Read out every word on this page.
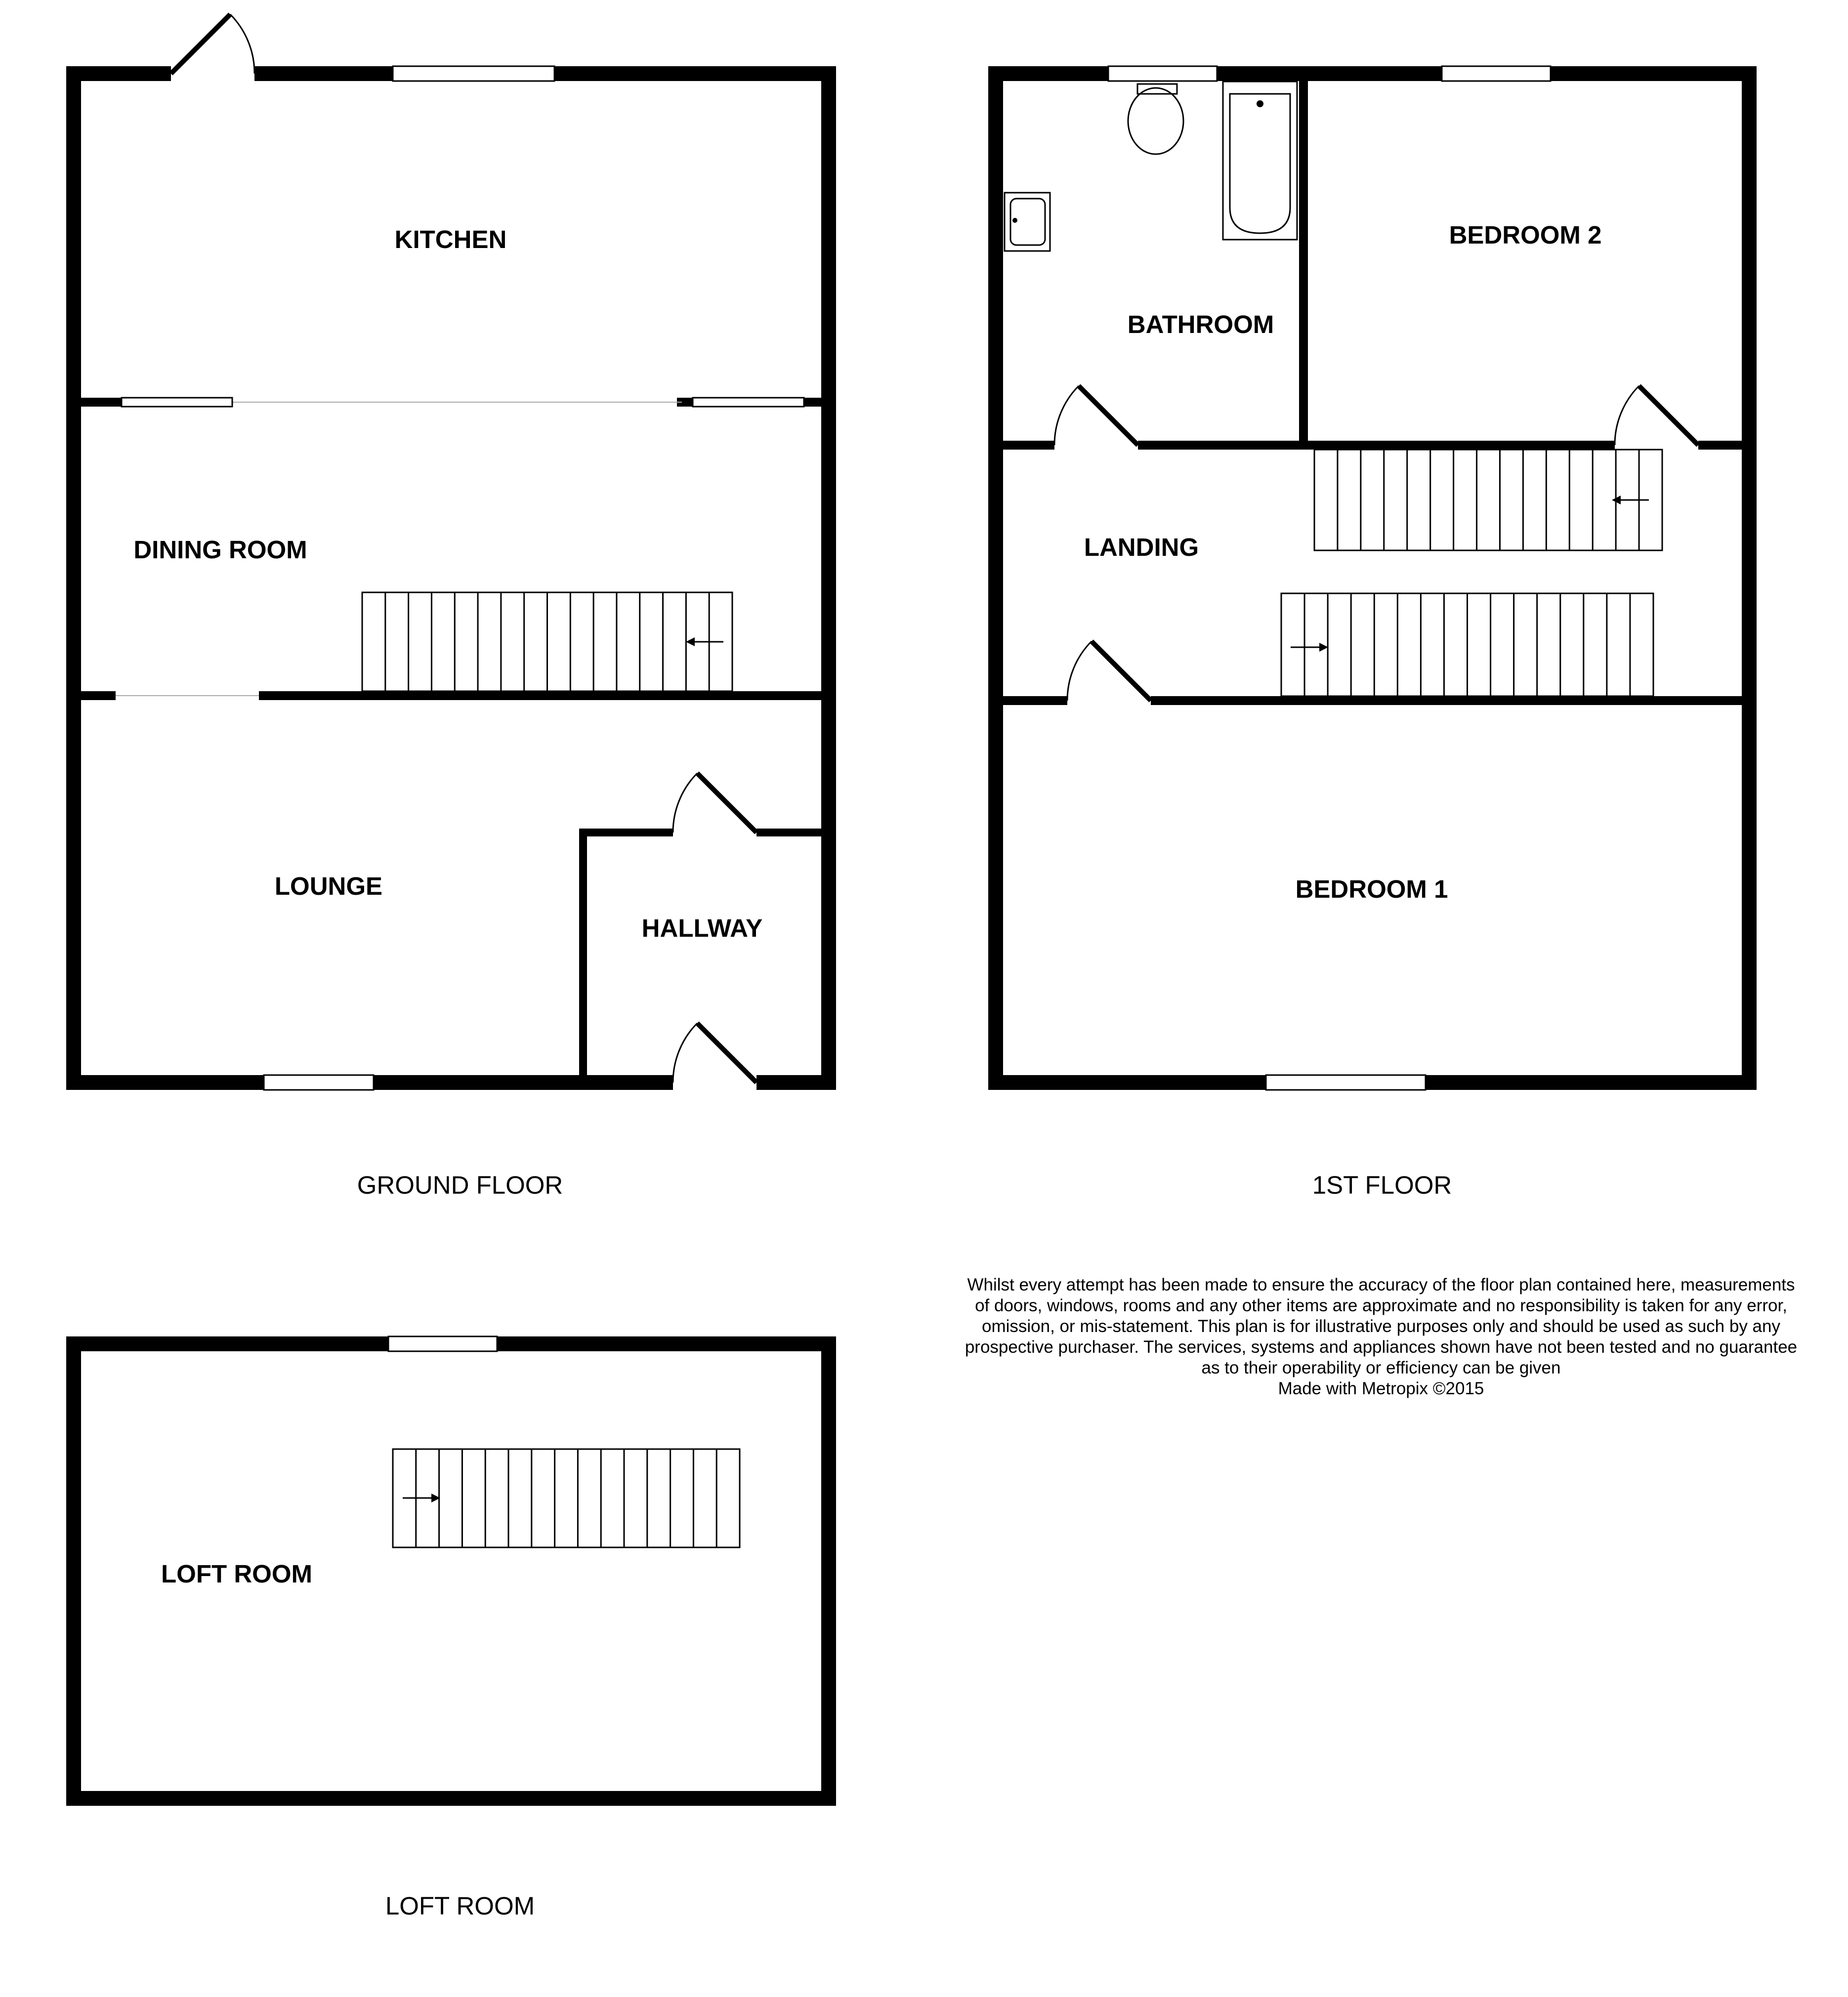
KITCHEN
DINING ROOM
LOUNGE
HALLWAY
GROUND FLOOR
BATHROOM
BEDROOM 2
LANDING
BEDROOM 1
1ST FLOOR
LOFT ROOM
LOFT ROOM
Whilst every attempt has been made to ensure the accuracy of the floor plan contained here, measurements
of doors, windows, rooms and any other items are approximate and no responsibility is taken for any error,
omission, or mis-statement. This plan is for illustrative purposes only and should be used as such by any
prospective purchaser. The services, systems and appliances shown have not been tested and no guarantee
as to their operability or efficiency can be given
Made with Metropix ©2015
